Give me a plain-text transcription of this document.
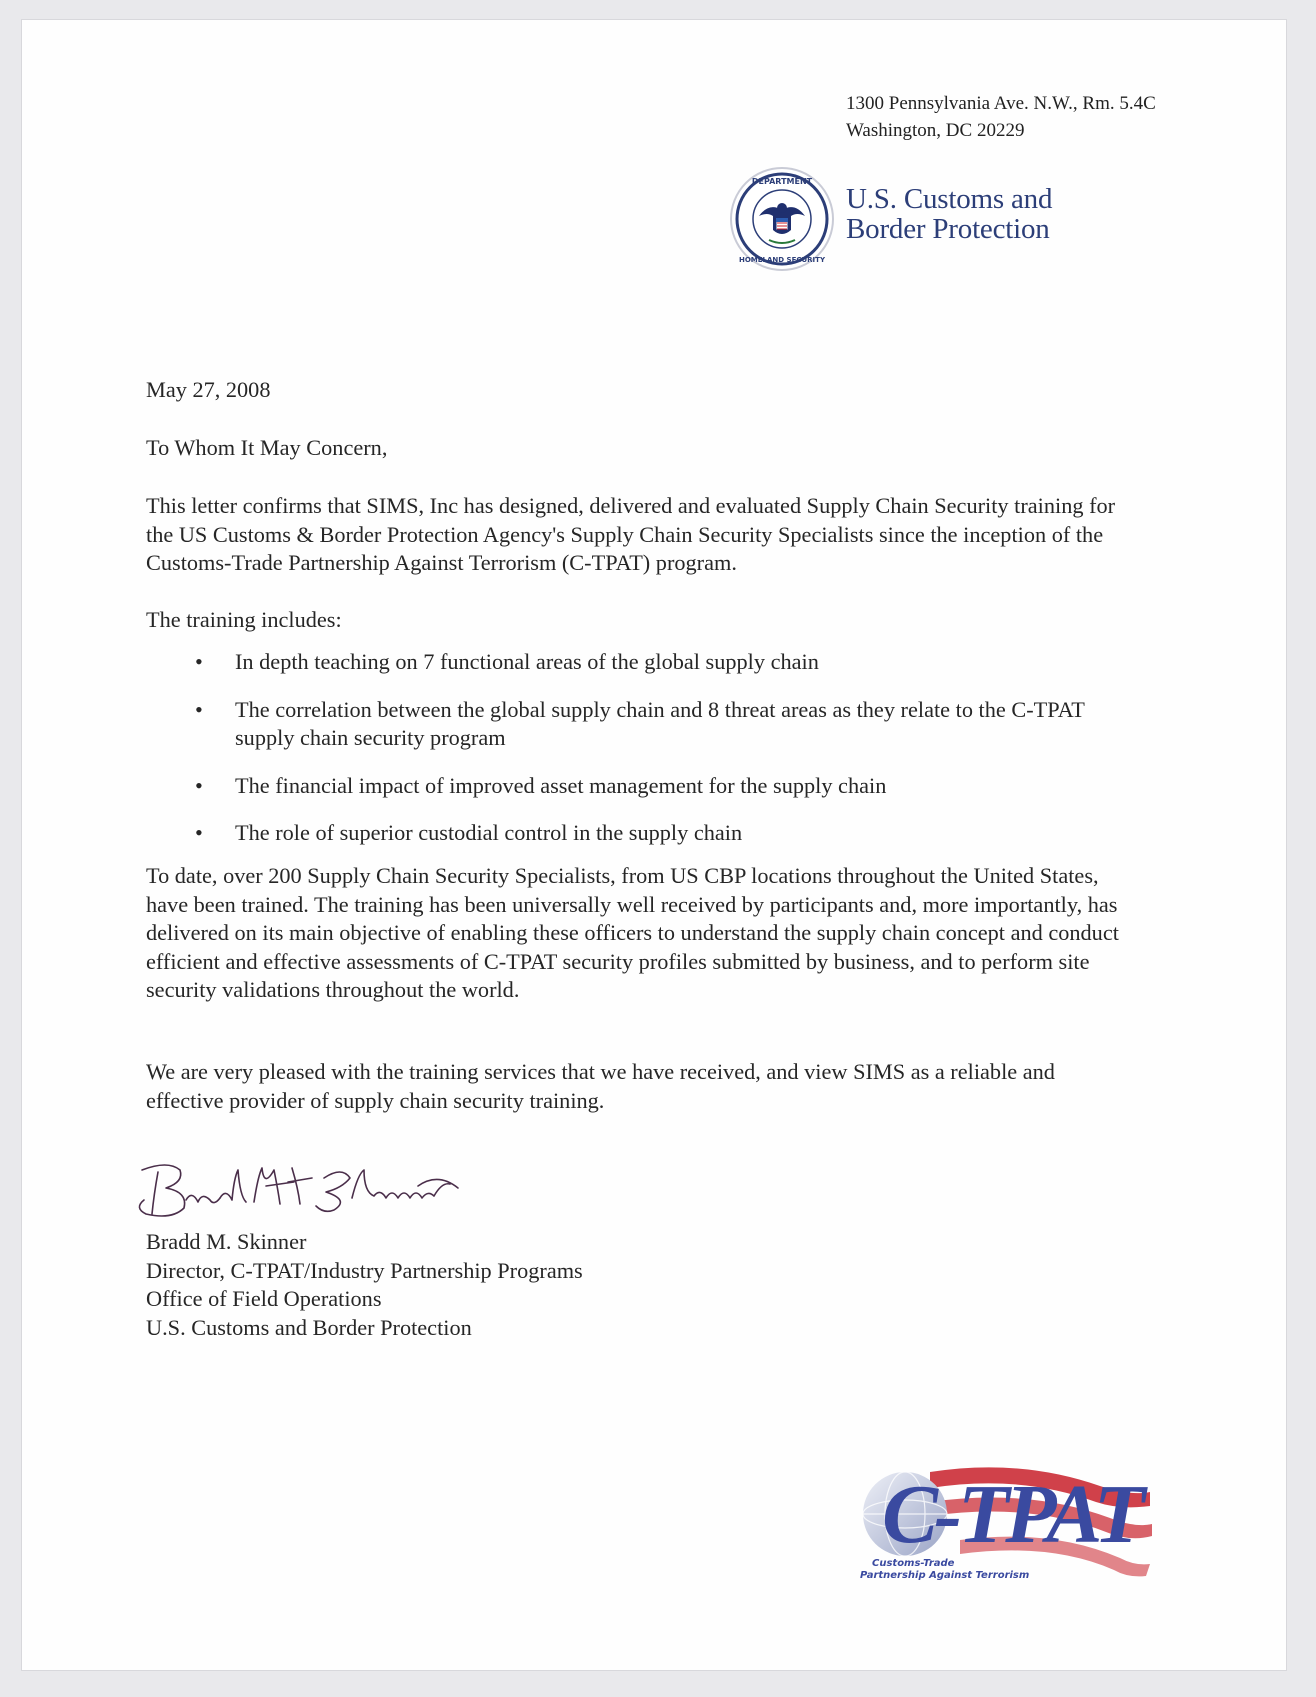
1300 Pennsylvania Ave. N.W., Rm. 5.4C
Washington, DC 20229
DEPARTMENT
HOMELAND SECURITY
U.S. Customs and
Border Protection
May 27, 2008
To Whom It May Concern,
This letter confirms that SIMS, Inc has designed, delivered and evaluated Supply Chain Security training for the US Customs & Border Protection Agency's Supply Chain Security Specialists since the inception of the Customs-Trade Partnership Against Terrorism (C-TPAT) program.
The training includes:
• In depth teaching on 7 functional areas of the global supply chain
• The correlation between the global supply chain and 8 threat areas as they relate to the C-TPAT supply chain security program
• The financial impact of improved asset management for the supply chain
• The role of superior custodial control in the supply chain
To date, over 200 Supply Chain Security Specialists, from US CBP locations throughout the United States, have been trained. The training has been universally well received by participants and, more importantly, has delivered on its main objective of enabling these officers to understand the supply chain concept and conduct efficient and effective assessments of C-TPAT security profiles submitted by business, and to perform site security validations throughout the world.
We are very pleased with the training services that we have received, and view SIMS as a reliable and effective provider of supply chain security training.
Bradd M. Skinner
Director, C-TPAT/Industry Partnership Programs
Office of Field Operations
U.S. Customs and Border Protection
C-TPAT
Customs-Trade
Partnership Against Terrorism
